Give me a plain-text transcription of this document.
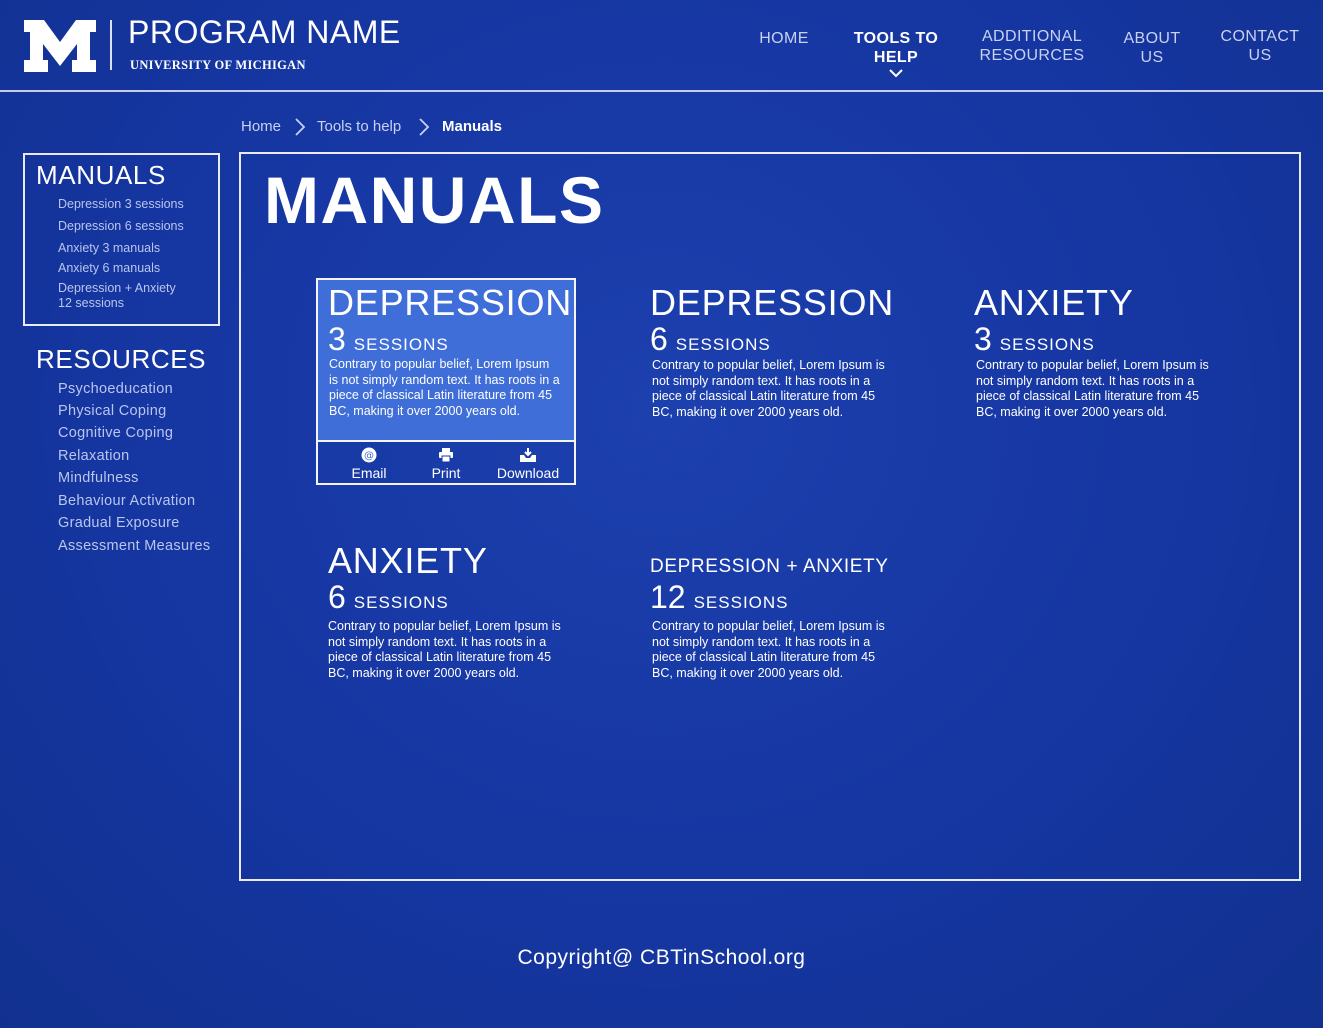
PROGRAM NAME
UNIVERSITY OF MICHIGAN
HOME	TOOLS TO
HELP
ADDITIONAL
RESOURCES
ABOUT
US
CONTACT
US
Home Tools to help	Manuals
MANUALS
Depression 3 sessions
Depression 6 sessions
Anxiety 3 manuals
Anxiety 6 manuals
Depression + Anxiety
12 sessions
RESOURCES
Psychoeducation
Physical Coping
Cognitive Coping
Relaxation
Mindfulness
Behaviour Activation
Gradual Exposure
Assessment Measures
MANUALS
DEPRESSION
3 SESSIONS
Contrary to popular belief, Lorem Ipsum is not simply random text. It has roots in a piece of classical Latin literature from 45 BC, making it over 2000 years old.
@
Email	Print	Download
DEPRESSION
6 SESSIONS
Contrary to popular belief, Lorem Ipsum is not simply random text. It has roots in a piece of classical Latin literature from 45 BC, making it over 2000 years old.
ANXIETY
3 SESSIONS
Contrary to popular belief, Lorem Ipsum is not simply random text. It has roots in a piece of classical Latin literature from 45 BC, making it over 2000 years old.
ANXIETY
6 SESSIONS
Contrary to popular belief, Lorem Ipsum is not simply random text. It has roots in a piece of classical Latin literature from 45 BC, making it over 2000 years old.
DEPRESSION + ANXIETY
12 SESSIONS
Contrary to popular belief, Lorem Ipsum is not simply random text. It has roots in a piece of classical Latin literature from 45 BC, making it over 2000 years old.
Copyright@ CBTinSchool.org
